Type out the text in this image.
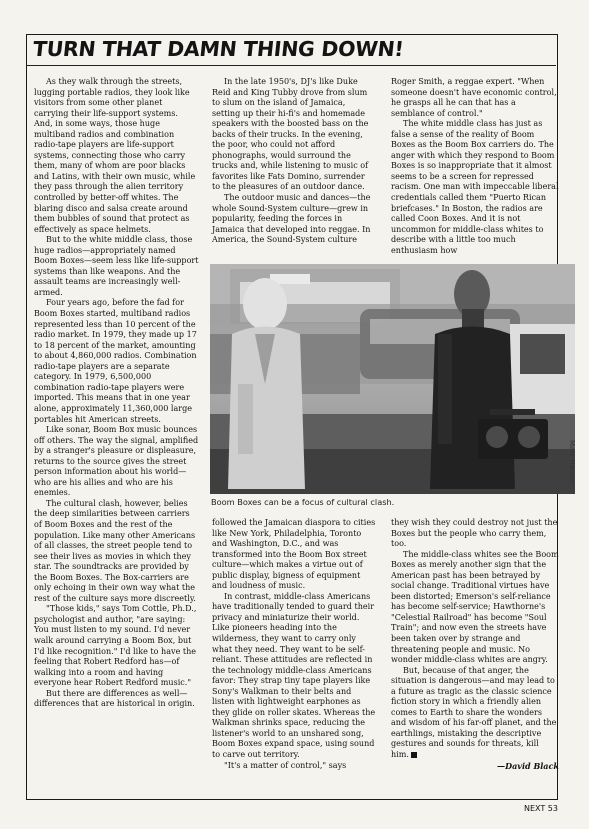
TURN THAT DAMN THING DOWN!

As they walk through the streets, lugging portable radios, they look like visitors from some other planet carrying their life-support systems. And, in some ways, those huge multiband radios and combination radio-tape players are life-support systems, connecting those who carry them, many of whom are poor blacks and Latins, with their own music, while they pass through the alien territory controlled by better-off whites. The blaring disco and salsa create around them bubbles of sound that protect as effectively as space helmets.

But to the white middle class, those huge radios—appropriately named Boom Boxes—seem less like life-support systems than like weapons. And the assault teams are increasingly well-armed.

Four years ago, before the fad for Boom Boxes started, multiband radios represented less than 10 percent of the radio market. In 1979, they made up 17 to 18 percent of the market, amounting to about 4,860,000 radios. Combination radio-tape players are a separate category. In 1979, 6,500,000 combination radio-tape players were imported. This means that in one year alone, approximately 11,360,000 large portables hit American streets.

Like sonar, Boom Box music bounces off others. The way the signal, amplified by a stranger's pleasure or displeasure, returns to the source gives the street person information about his world—who are his allies and who are his enemies.

The cultural clash, however, belies the deep similarities between carriers of Boom Boxes and the rest of the population. Like many other Americans of all classes, the street people tend to see their lives as movies in which they star. The soundtracks are provided by the Boom Boxes. The Box-carriers are only echoing in their own way what the rest of the culture says more discreetly.

"Those kids," says Tom Cottle, Ph.D., psychologist and author, "are saying: You must listen to my sound. I'd never walk around carrying a Boom Box, but I'd like recognition." I'd like to have the feeling that Robert Redford has—of walking into a room and having everyone hear Robert Redford music."

But there are differences as well—differences that are historical in origin.

In the late 1950's, DJ's like Duke Reid and King Tubby drove from slum to slum on the island of Jamaica, setting up their hi-fi's and homemade speakers with the boosted bass on the backs of their trucks. In the evening, the poor, who could not afford phonographs, would surround the trucks and, while listening to music of favorites like Fats Domino, surrender to the pleasures of an outdoor dance.

The outdoor music and dances—the whole Sound-System culture—grew in popularity, feeding the forces in Jamaica that developed into reggae. In America, the Sound-System culture

Roger Smith, a reggae expert. "When someone doesn't have economic control, he grasps all he can that has a semblance of control."

The white middle class has just as false a sense of the reality of Boom Boxes as the Boom Box carriers do. The anger with which they respond to Boom Boxes is so inappropriate that it almost seems to be a screen for repressed racism. One man with impeccable liberal credentials called them "Puerto Rican briefcases." In Boston, the radios are called Coon Boxes. And it is not uncommon for middle-class whites to describe with a little too much enthusiasm how

Boom Boxes can be a focus of cultural clash.
Marc Hauser

followed the Jamaican diaspora to cities like New York, Philadelphia, Toronto and Washington, D.C., and was transformed into the Boom Box street culture—which makes a virtue out of public display, bigness of equipment and loudness of music.

In contrast, middle-class Americans have traditionally tended to guard their privacy and miniaturize their world. Like pioneers heading into the wilderness, they want to carry only what they need. They want to be self-reliant. These attitudes are reflected in the technology middle-class Americans favor: They strap tiny tape players like Sony's Walkman to their belts and listen with lightweight earphones as they glide on roller skates. Whereas the Walkman shrinks space, reducing the listener's world to an unshared song, Boom Boxes expand space, using sound to carve out territory.

"It's a matter of control," says

they wish they could destroy not just the Boxes but the people who carry them, too.

The middle-class whites see the Boom Boxes as merely another sign that the American past has been betrayed by social change. Traditional virtues have been distorted; Emerson's self-reliance has become self-service; Hawthorne's "Celestial Railroad" has become "Soul Train"; and now even the streets have been taken over by strange and threatening people and music. No wonder middle-class whites are angry.

But, because of that anger, the situation is dangerous—and may lead to a future as tragic as the classic science fiction story in which a friendly alien comes to Earth to share the wonders and wisdom of his far-off planet, and the earthlings, mistaking the descriptive gestures and sounds for threats, kill him.

—David Black

NEXT 53
